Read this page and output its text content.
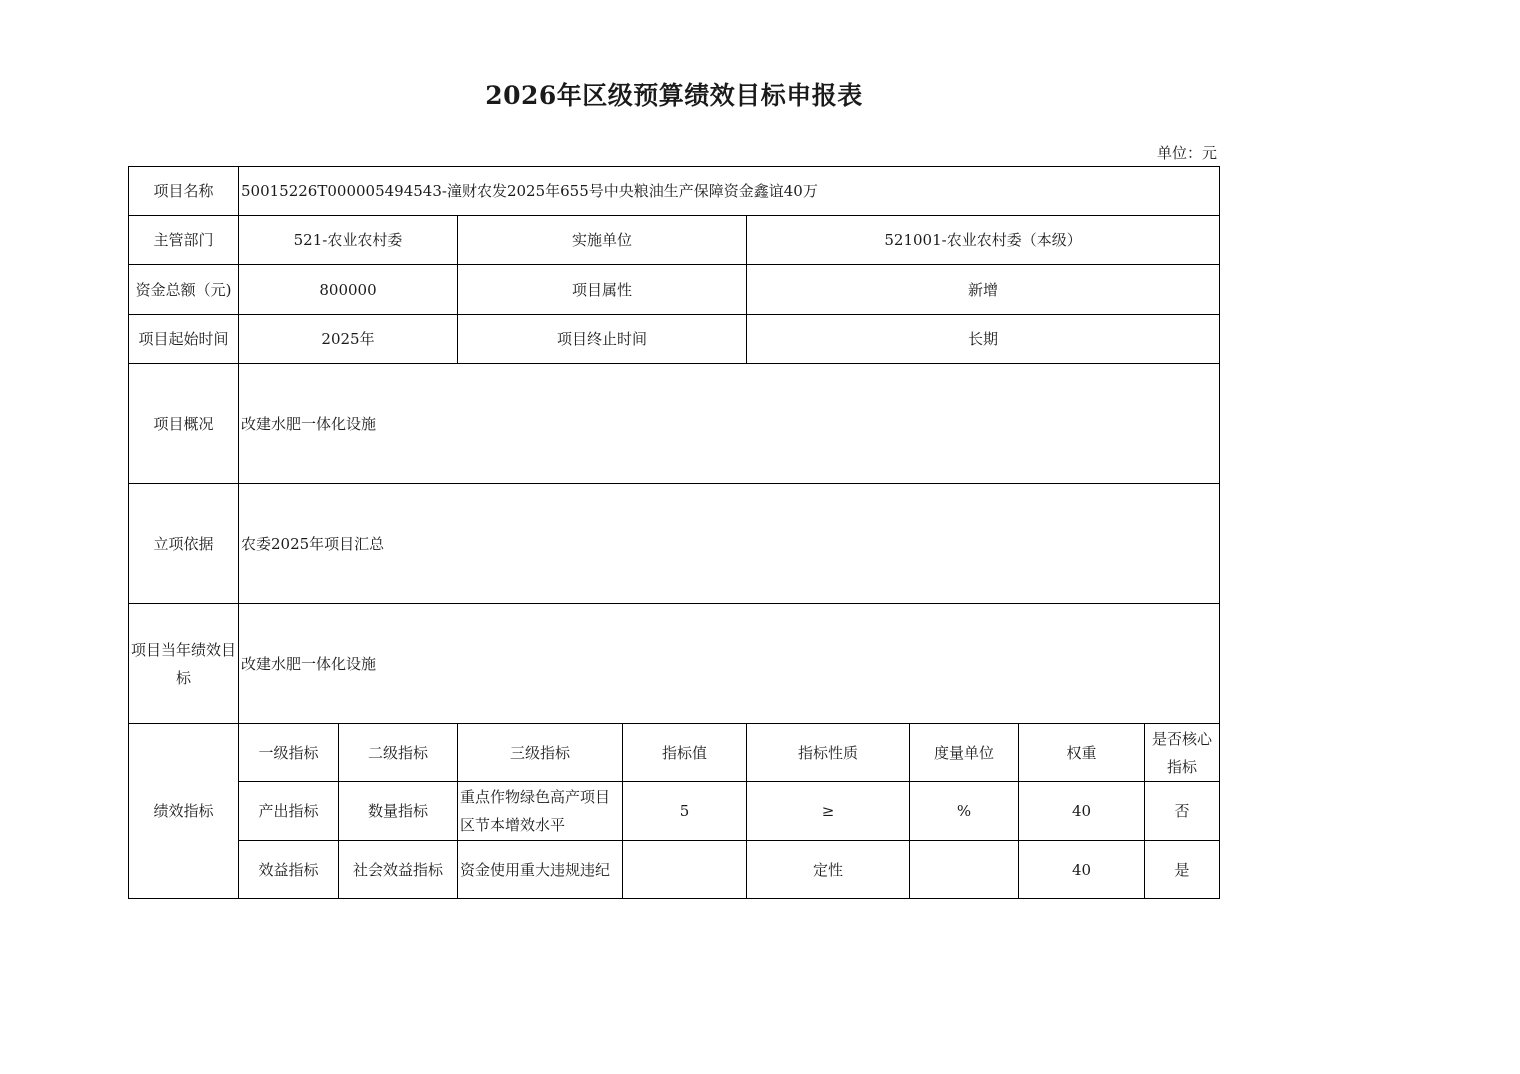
2026年区级预算绩效目标申报表
单位：元
项目名称	50015226T000005494543-潼财农发2025年655号中央粮油生产保障资金鑫谊40万							
主管部门	521-农业农村委		实施单位		521001-农业农村委（本级）			
资金总额（元)	800000		项目属性		新增			
项目起始时间	2025年		项目终止时间		长期			
项目概况	改建水肥一体化设施							
立项依据	农委2025年项目汇总							
项目当年绩效目标	改建水肥一体化设施							
绩效指标	一级指标	二级指标	三级指标	指标值	指标性质	度量单位	权重	是否核心指标
	产出指标	数量指标	重点作物绿色高产项目区节本增效水平	5	≥	%	40	否
	效益指标	社会效益指标	资金使用重大违规违纪		定性		40	是
